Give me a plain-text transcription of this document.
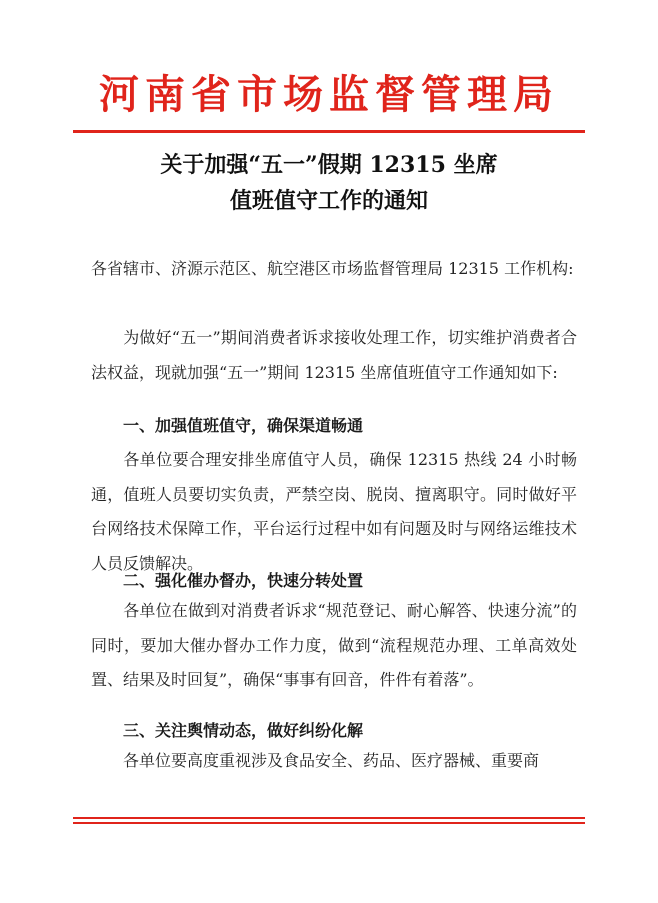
河南省市场监督管理局
关于加强“五一”假期 12315 坐席
值班值守工作的通知
各省辖市、济源示范区、航空港区市场监督管理局 12315 工作机构:
为做好“五一”期间消费者诉求接收处理工作，切实维护消费者合法权益，现就加强“五一”期间 12315 坐席值班值守工作通知如下:
一、加强值班值守，确保渠道畅通
各单位要合理安排坐席值守人员，确保 12315 热线 24 小时畅通，值班人员要切实负责，严禁空岗、脱岗、擅离职守。同时做好平台网络技术保障工作，平台运行过程中如有问题及时与网络运维技术人员反馈解决。
二、强化催办督办，快速分转处置
各单位在做到对消费者诉求“规范登记、耐心解答、快速分流”的同时，要加大催办督办工作力度，做到“流程规范办理、工单高效处置、结果及时回复”，确保“事事有回音，件件有着落”。
三、关注舆情动态，做好纠纷化解
各单位要高度重视涉及食品安全、药品、医疗器械、重要商
